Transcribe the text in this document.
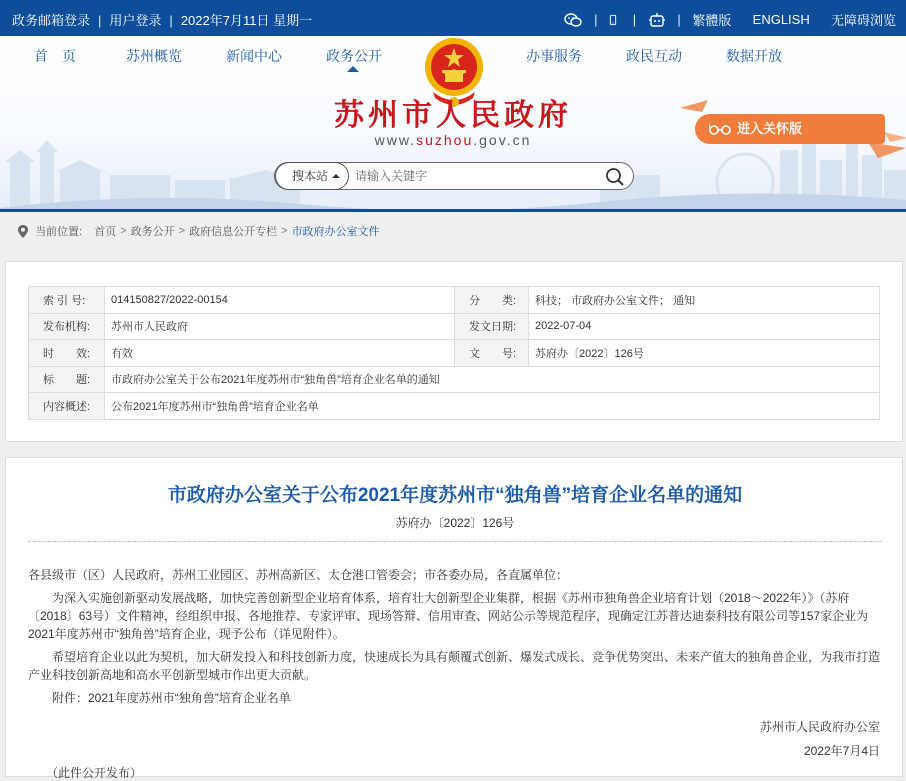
政务邮箱登录 | 用户登录 | 2022年7月11日 星期一	|	|	| 繁體版 ENGLISH 无障碍浏览
首　页	苏州概览	新闻中心	政务公开	办事服务	政民互动	数据开放
苏州市人民政府
www.suzhou.gov.cn
进入关怀版
搜本站
请输入关键字
当前位置: 首页 > 政务公开 > 政府信息公开专栏 > 市政府办公室文件
索 引 号:	014150827/2022-00154	分　　类:	科技； 市政府办公室文件； 通知
发布机构:	苏州市人民政府	发文日期:	2022-07-04
时　　效:	有效	文　　号:	苏府办〔2022〕126号
标　　题:	市政府办公室关于公布2021年度苏州市“独角兽”培育企业名单的通知		
内容概述:	公布2021年度苏州市“独角兽”培育企业名单		
市政府办公室关于公布2021年度苏州市“独角兽”培育企业名单的通知
苏府办〔2022〕126号

各县级市（区）人民政府，苏州工业园区、苏州高新区、太仓港口管委会；市各委办局，各直属单位：

为深入实施创新驱动发展战略，加快完善创新型企业培育体系，培育壮大创新型企业集群，根据《苏州市独角兽企业培育计划（2018～2022年）》（苏府〔2018〕63号）文件精神，经组织申报、各地推荐、专家评审、现场答辩、信用审查、网站公示等规范程序，现确定江苏普达迪泰科技有限公司等157家企业为2021年度苏州市“独角兽”培育企业，现予公布（详见附件）。

希望培育企业以此为契机，加大研发投入和科技创新力度，快速成长为具有颠覆式创新、爆发式成长、竞争优势突出、未来产值大的独角兽企业，为我市打造产业科技创新高地和高水平创新型城市作出更大贡献。

附件：2021年度苏州市“独角兽”培育企业名单

苏州市人民政府办公室
2022年7月4日
（此件公开发布）
